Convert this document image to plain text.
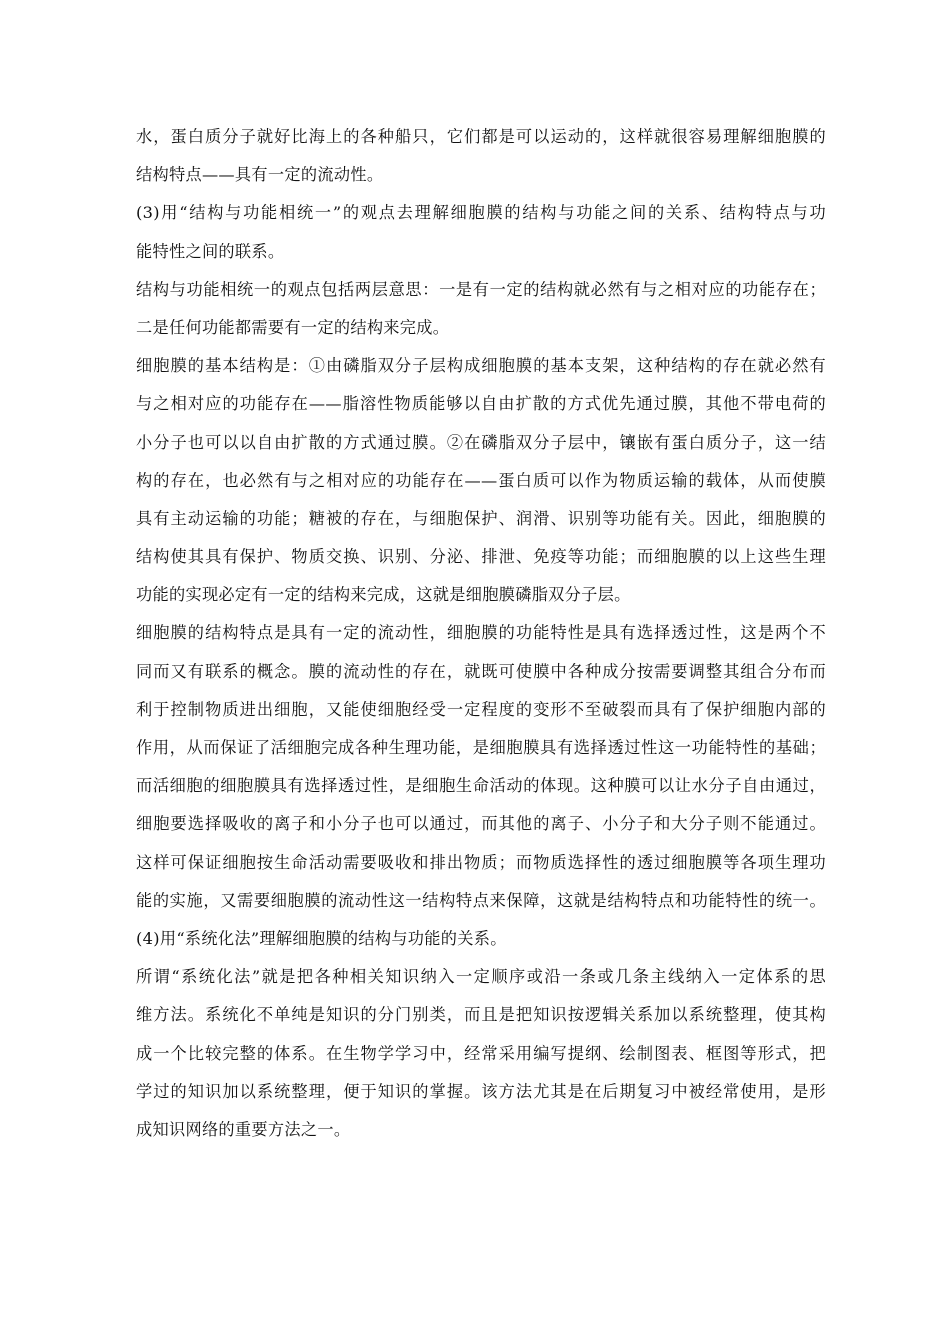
水，蛋白质分子就好比海上的各种船只，它们都是可以运动的，这样就很容易理解细胞膜的
结构特点——具有一定的流动性。
(3)用“结构与功能相统一”的观点去理解细胞膜的结构与功能之间的关系、结构特点与功
能特性之间的联系。
结构与功能相统一的观点包括两层意思：一是有一定的结构就必然有与之相对应的功能存在；
二是任何功能都需要有一定的结构来完成。
细胞膜的基本结构是：①由磷脂双分子层构成细胞膜的基本支架，这种结构的存在就必然有
与之相对应的功能存在——脂溶性物质能够以自由扩散的方式优先通过膜，其他不带电荷的
小分子也可以以自由扩散的方式通过膜。②在磷脂双分子层中，镶嵌有蛋白质分子，这一结
构的存在，也必然有与之相对应的功能存在——蛋白质可以作为物质运输的载体，从而使膜
具有主动运输的功能；糖被的存在，与细胞保护、润滑、识别等功能有关。因此，细胞膜的
结构使其具有保护、物质交换、识别、分泌、排泄、免疫等功能；而细胞膜的以上这些生理
功能的实现必定有一定的结构来完成，这就是细胞膜磷脂双分子层。
细胞膜的结构特点是具有一定的流动性，细胞膜的功能特性是具有选择透过性，这是两个不
同而又有联系的概念。膜的流动性的存在，就既可使膜中各种成分按需要调整其组合分布而
利于控制物质进出细胞，又能使细胞经受一定程度的变形不至破裂而具有了保护细胞内部的
作用，从而保证了活细胞完成各种生理功能，是细胞膜具有选择透过性这一功能特性的基础；
而活细胞的细胞膜具有选择透过性，是细胞生命活动的体现。这种膜可以让水分子自由通过，
细胞要选择吸收的离子和小分子也可以通过，而其他的离子、小分子和大分子则不能通过。
这样可保证细胞按生命活动需要吸收和排出物质；而物质选择性的透过细胞膜等各项生理功
能的实施，又需要细胞膜的流动性这一结构特点来保障，这就是结构特点和功能特性的统一。
(4)用“系统化法”理解细胞膜的结构与功能的关系。
所谓“系统化法”就是把各种相关知识纳入一定顺序或沿一条或几条主线纳入一定体系的思
维方法。系统化不单纯是知识的分门别类，而且是把知识按逻辑关系加以系统整理，使其构
成一个比较完整的体系。在生物学学习中，经常采用编写提纲、绘制图表、框图等形式，把
学过的知识加以系统整理，便于知识的掌握。该方法尤其是在后期复习中被经常使用，是形
成知识网络的重要方法之一。
